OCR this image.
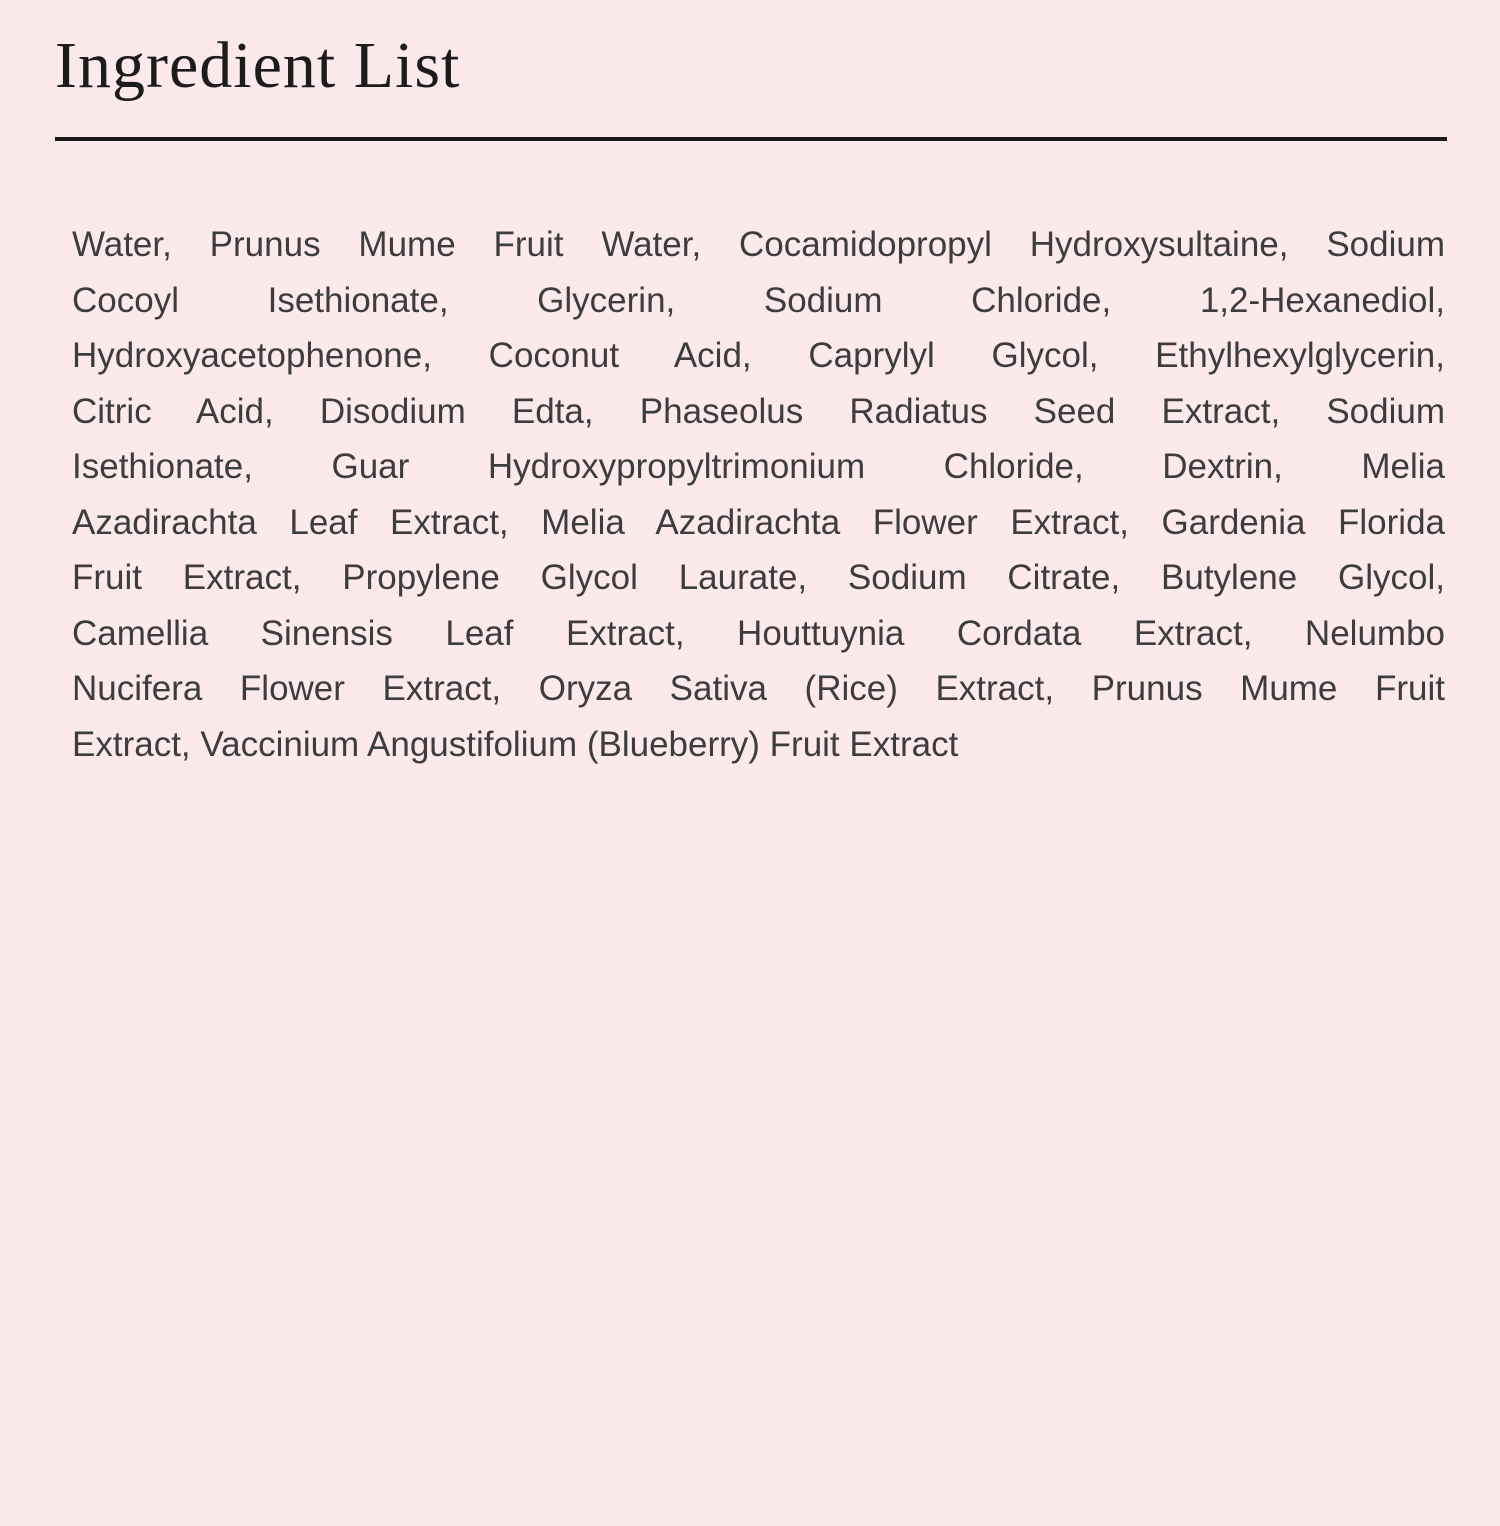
Ingredient List
Water, Prunus Mume Fruit Water, Cocamidopropyl Hydroxysultaine, Sodium
Cocoyl Isethionate, Glycerin, Sodium Chloride, 1,2-Hexanediol,
Hydroxyacetophenone, Coconut Acid, Caprylyl Glycol, Ethylhexylglycerin,
Citric Acid, Disodium Edta, Phaseolus Radiatus Seed Extract, Sodium
Isethionate, Guar Hydroxypropyltrimonium Chloride, Dextrin, Melia
Azadirachta Leaf Extract, Melia Azadirachta Flower Extract, Gardenia Florida
Fruit Extract, Propylene Glycol Laurate, Sodium Citrate, Butylene Glycol,
Camellia Sinensis Leaf Extract, Houttuynia Cordata Extract, Nelumbo
Nucifera Flower Extract, Oryza Sativa (Rice) Extract, Prunus Mume Fruit
Extract, Vaccinium Angustifolium (Blueberry) Fruit Extract
